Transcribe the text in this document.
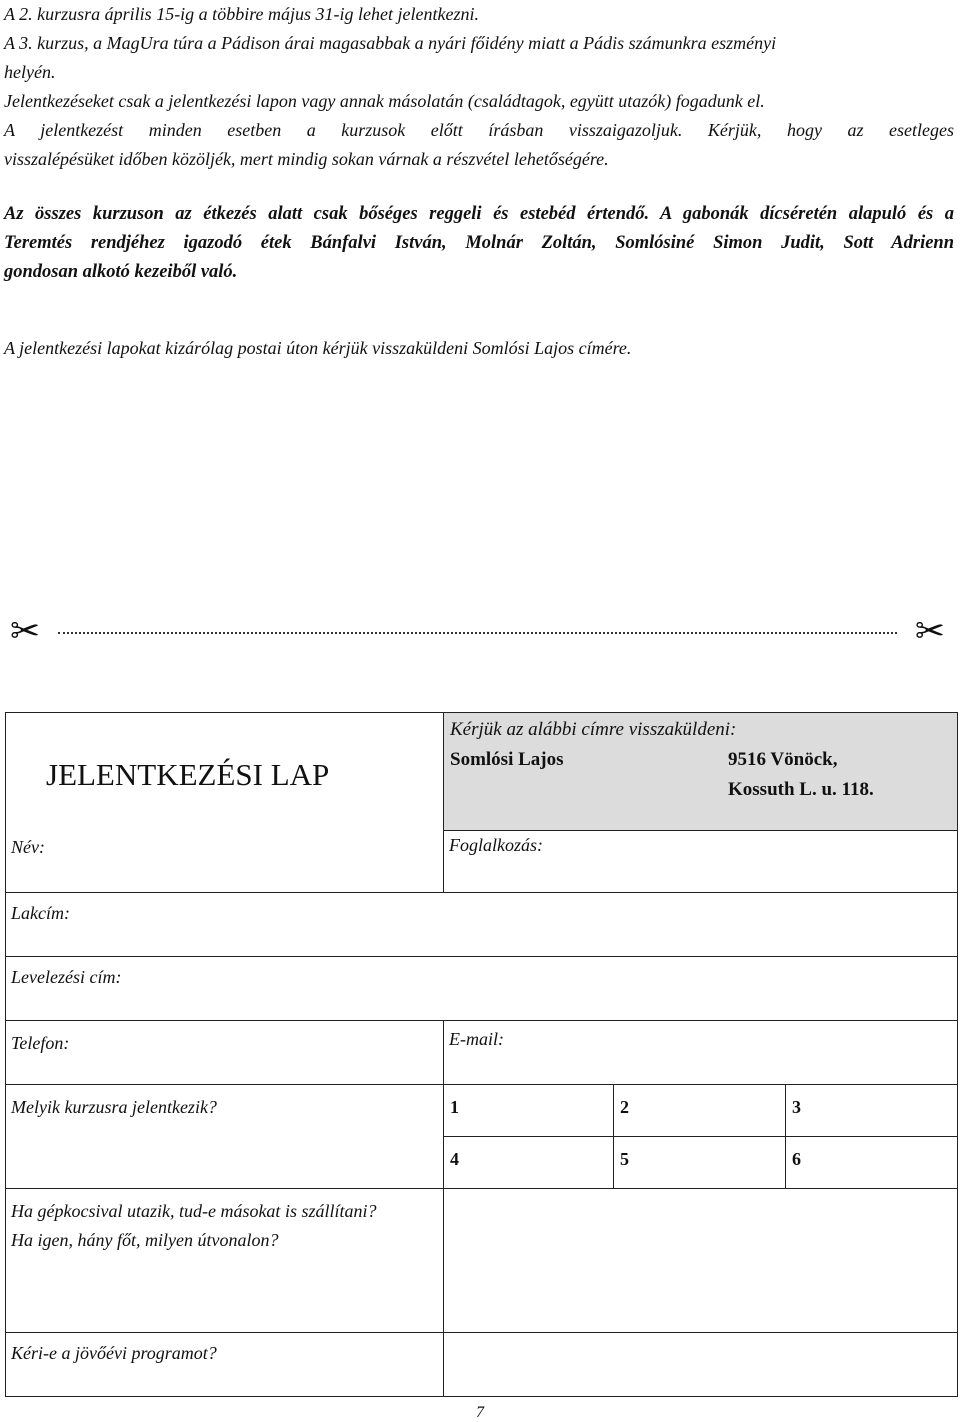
A 2. kurzusra április 15-ig a többire május 31-ig lehet jelentkezni.
A 3. kurzus, a MagUra túra a Pádison árai magasabbak a nyári főidény miatt a Pádis számunkra eszményi
helyén.
Jelentkezéseket csak a jelentkezési lapon vagy annak másolatán (családtagok, együtt utazók) fogadunk el.
A jelentkezést minden esetben a kurzusok előtt írásban visszaigazoljuk. Kérjük, hogy az esetleges
visszalépésüket időben közöljék, mert mindig sokan várnak a részvétel lehetőségére.
Az összes kurzuson az étkezés alatt csak bőséges reggeli és estebéd értendő. A gabonák dícséretén alapuló és a
Teremtés rendjéhez igazodó étek Bánfalvi István, Molnár Zoltán, Somlósiné Simon Judit, Sott Adrienn
gondosan alkotó kezeiből való.
A jelentkezési lapokat kizárólag postai úton kérjük visszaküldeni Somlósi Lajos címére.
✂	✂
JELENTKEZÉSI LAP	Kérjük az alábbi címre visszaküldeni:
Somlósi Lajos 9516 Vönöck,
Kossuth L. u. 118.		

Név:	Foglalkozás:		

Lakcím:			

Levelezési cím:			

Telefon:	E-mail:		

Melyik kurzusra jelentkezik?	1	2	3

	4	5	6

Ha gépkocsival utazik, tud-e másokat is szállítani?
Ha igen, hány főt, milyen útvonalon?			

Kéri-e a jövőévi programot?			

7
